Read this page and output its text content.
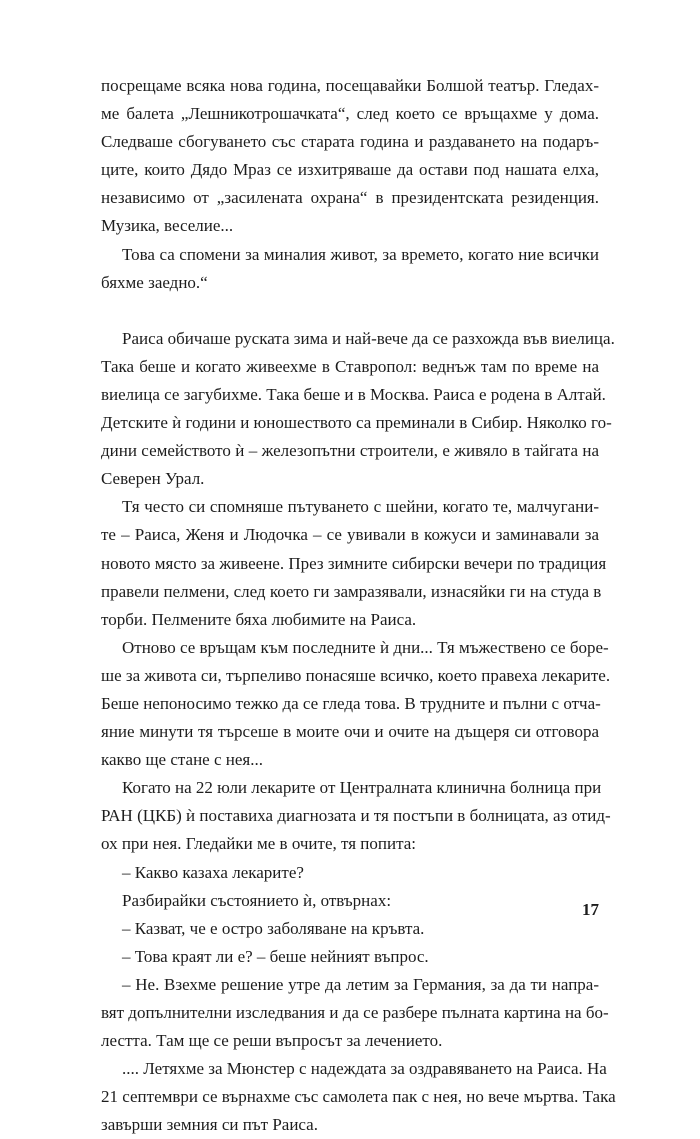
посрещаме всяка нова година, посещавайки Болшой театър. Гледах-
ме балета „Лешникотрошачката“, след което се връщахме у дома.
Следваше сбогуването със старата година и раздаването на подаръ-
ците, които Дядо Мраз се изхитряваше да остави под нашата елха,
независимо от „засилената охрана“ в президентската резиденция.
Музика, веселие...
Това са спомени за миналия живот, за времето, когато ние всички
бяхме заедно.“
Раиса обичаше руската зима и най-вече да се разхожда във виелица.
Така беше и когато живеехме в Ставропол: веднъж там по време на
виелица се загубихме. Така беше и в Москва. Раиса е родена в Алтай.
Детските ѝ години и юношеството са преминали в Сибир. Няколко го-
дини семейството ѝ – железопътни строители, е живяло в тайгата на
Северен Урал.
Тя често си спомняше пътуването с шейни, когато те, малчугани-
те – Раиса, Женя и Людочка – се увивали в кожуси и заминавали за
новото място за живеене. През зимните сибирски вечери по традиция
правели пелмени, след което ги замразявали, изнасяйки ги на студа в
торби. Пелмените бяха любимите на Раиса.
Отново се връщам към последните ѝ дни... Тя мъжествено се боре-
ше за живота си, търпеливо понасяше всичко, което правеха лекарите.
Беше непоносимо тежко да се гледа това. В трудните и пълни с отча-
яние минути тя търсеше в моите очи и очите на дъщеря си отговора
какво ще стане с нея...
Когато на 22 юли лекарите от Централната клинична болница при
РАН (ЦКБ) ѝ поставиха диагнозата и тя постъпи в болницата, аз отид-
ох при нея. Гледайки ме в очите, тя попита:
– Какво казаха лекарите?
Разбирайки състоянието ѝ, отвърнах:
– Казват, че е остро заболяване на кръвта.
– Това краят ли е? – беше нейният въпрос.
– Не. Взехме решение утре да летим за Германия, за да ти напра-
вят допълнителни изследвания и да се разбере пълната картина на бо-
лестта. Там ще се реши въпросът за лечението.
.... Летяхме за Мюнстер с надеждата за оздравяването на Раиса. На
21 септември се върнахме със самолета пак с нея, но вече мъртва. Така
завърши земния си път Раиса.
17
